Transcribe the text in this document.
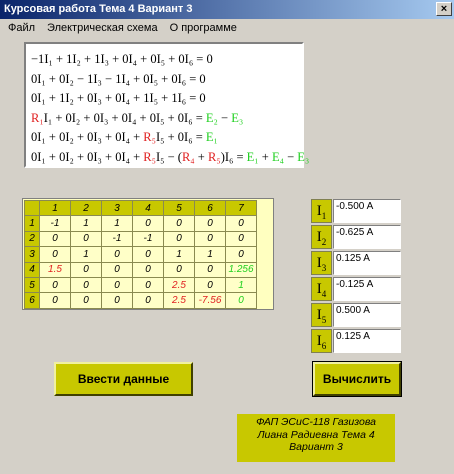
Курсовая работа Тема 4 Вариант 3	×
Файл	Электрическая схема	О программе
−1I₁ + 1I₂ + 1I₃ + 0I₄ + 0I₅ + 0I₆ = 0
0I₁ + 0I₂ − 1I₃ − 1I₄ + 0I₅ + 0I₆ = 0
0I₁ + 1I₂ + 0I₃ + 0I₄ + 1I₅ + 1I₆ = 0
R₁I₁ + 0I₂ + 0I₃ + 0I₄ + 0I₅ + 0I₆ = E₂ − E₃
0I₁ + 0I₂ + 0I₃ + 0I₄ + R₅I₅ + 0I₆ = E₁
0I₁ + 0I₂ + 0I₃ + 0I₄ + R₅I₅ − (R₄ + R₅)I₆ = E₁ + E₄ − E₃
	1	2	3	4	5	6	7
1	-1	1	1	0	0	0	0
2	0	0	-1	-1	0	0	0
3	0	1	0	0	1	1	0
4	1.5	0	0	0	0	0	1.256
5	0	0	0	0	2.5	0	1
6	0	0	0	0	2.5	-7.56	0
$I_1$
-0.500 A
$I_2$
-0.625 A
$I_3$
0.125 A
$I_4$
-0.125 A
$I_5$
0.500 A
$I_6$
0.125 A
Ввести данные	Вычислить
ФАП ЭСиС-118 Газизова
Лиана Радиевна Тема 4
Вариант 3
